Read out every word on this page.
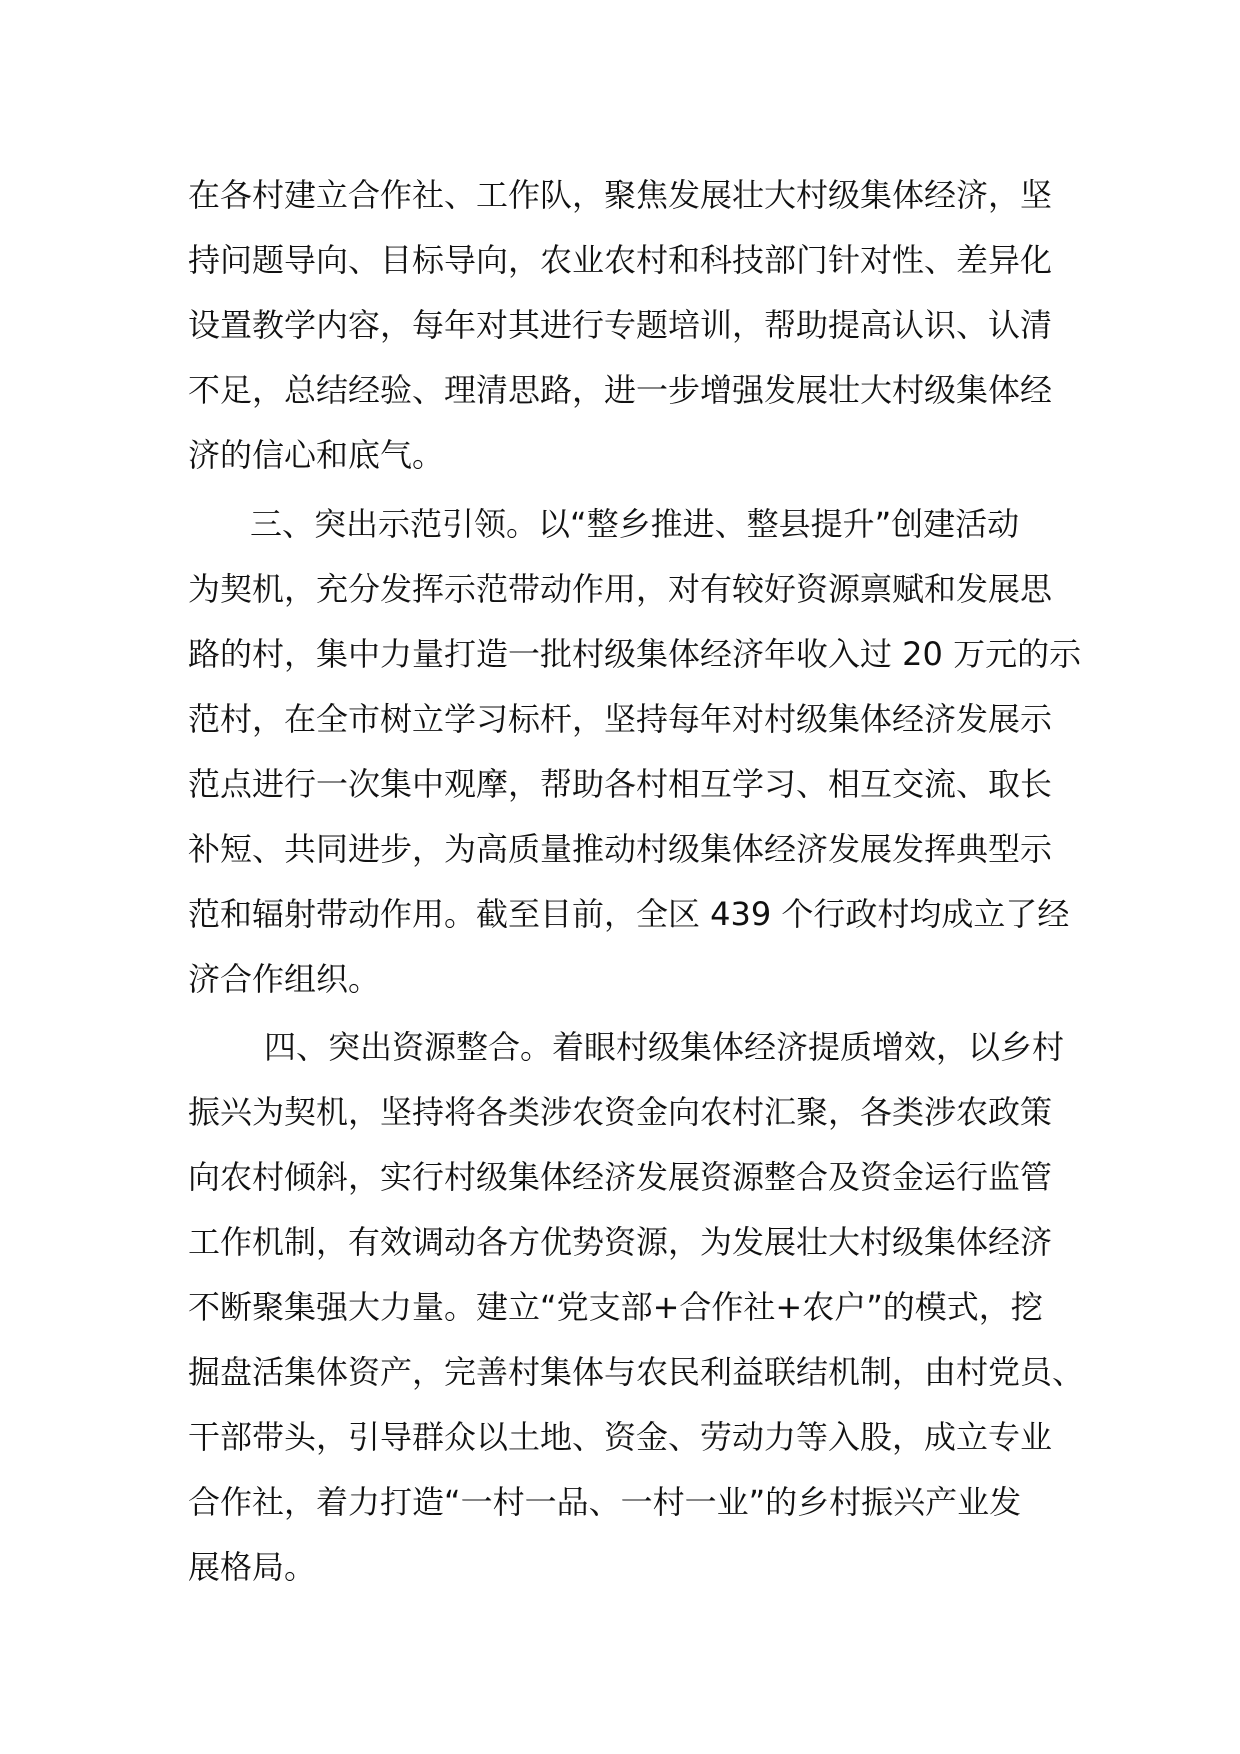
在各村建立合作社、工作队，聚焦发展壮大村级集体经济，坚
持问题导向、目标导向，农业农村和科技部门针对性、差异化
设置教学内容，每年对其进行专题培训，帮助提高认识、认清
不足，总结经验、理清思路，进一步增强发展壮大村级集体经
济的信心和底气。
三、突出示范引领。以“整乡推进、整县提升”创建活动
为契机，充分发挥示范带动作用，对有较好资源禀赋和发展思
路的村，集中力量打造一批村级集体经济年收入过 20 万元的示
范村，在全市树立学习标杆，坚持每年对村级集体经济发展示
范点进行一次集中观摩，帮助各村相互学习、相互交流、取长
补短、共同进步，为高质量推动村级集体经济发展发挥典型示
范和辐射带动作用。截至目前，全区 439 个行政村均成立了经
济合作组织。
四、突出资源整合。着眼村级集体经济提质增效，以乡村
振兴为契机，坚持将各类涉农资金向农村汇聚，各类涉农政策
向农村倾斜，实行村级集体经济发展资源整合及资金运行监管
工作机制，有效调动各方优势资源，为发展壮大村级集体经济
不断聚集强大力量。建立“党支部+合作社+农户”的模式，挖
掘盘活集体资产，完善村集体与农民利益联结机制，由村党员、
干部带头，引导群众以土地、资金、劳动力等入股，成立专业
合作社，着力打造“一村一品、一村一业”的乡村振兴产业发
展格局。
